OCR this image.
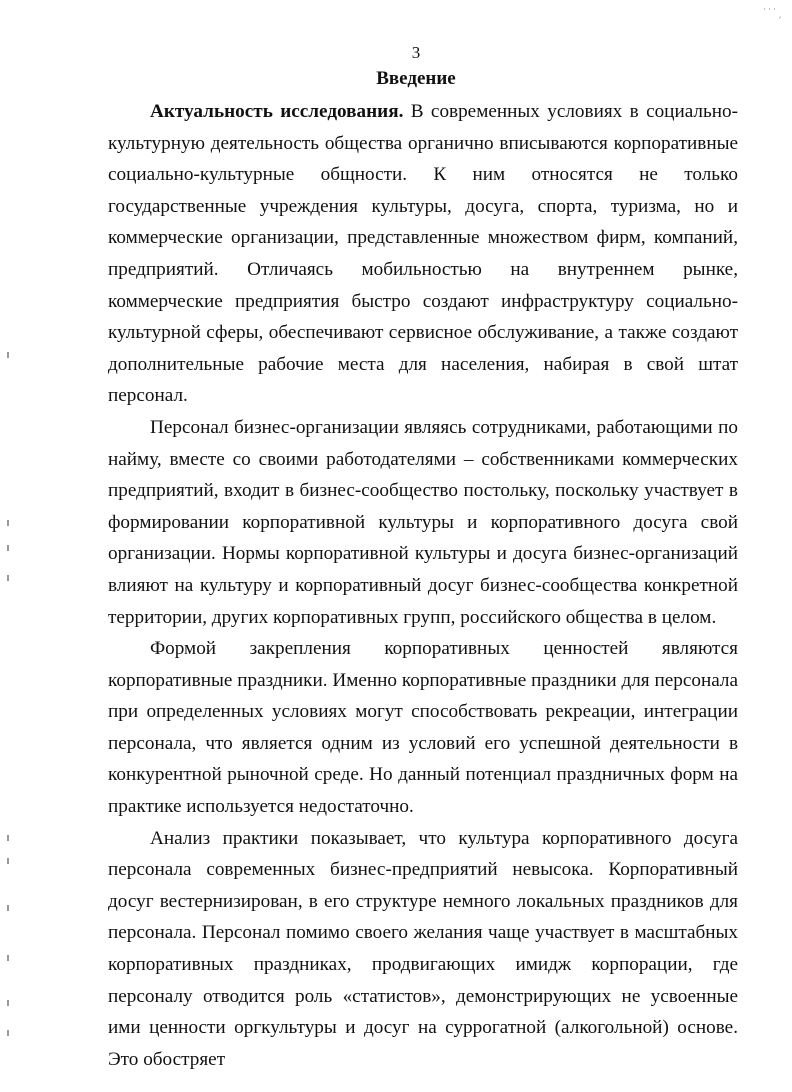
˙˙˙ˏ
3
Введение

Актуальность исследования. В современных условиях в социально-культурную деятельность общества органично вписываются корпоративные социально-культурные общности. К ним относятся не только государственные учреждения культуры, досуга, спорта, туризма, но и коммерческие организации, представленные множеством фирм, компаний, предприятий. Отличаясь мобильностью на внутреннем рынке, коммерческие предприятия быстро создают инфраструктуру социально-культурной сферы, обеспечивают сервисное обслуживание, а также создают дополнительные рабочие места для населения, набирая в свой штат персонал.

Персонал бизнес-организации являясь сотрудниками, работающими по найму, вместе со своими работодателями – собственниками коммерческих предприятий, входит в бизнес-сообщество постольку, поскольку участвует в формировании корпоративной культуры и корпоративного досуга свой организации. Нормы корпоративной культуры и досуга бизнес-организаций влияют на культуру и корпоративный досуг бизнес-сообщества конкретной территории, других корпоративных групп, российского общества в целом.

Формой закрепления корпоративных ценностей являются корпоративные праздники. Именно корпоративные праздники для персонала при определенных условиях могут способствовать рекреации, интеграции персонала, что является одним из условий его успешной деятельности в конкурентной рыночной среде. Но данный потенциал праздничных форм на практике используется недостаточно.

Анализ практики показывает, что культура корпоративного досуга персонала современных бизнес-предприятий невысока. Корпоративный досуг вестернизирован, в его структуре немного локальных праздников для персонала. Персонал помимо своего желания чаще участвует в масштабных корпоративных праздниках, продвигающих имидж корпорации, где персоналу отводится роль «статистов», демонстрирующих не усвоенные ими ценности оргкультуры и досуг на суррогатной (алкогольной) основе. Это обостряет
